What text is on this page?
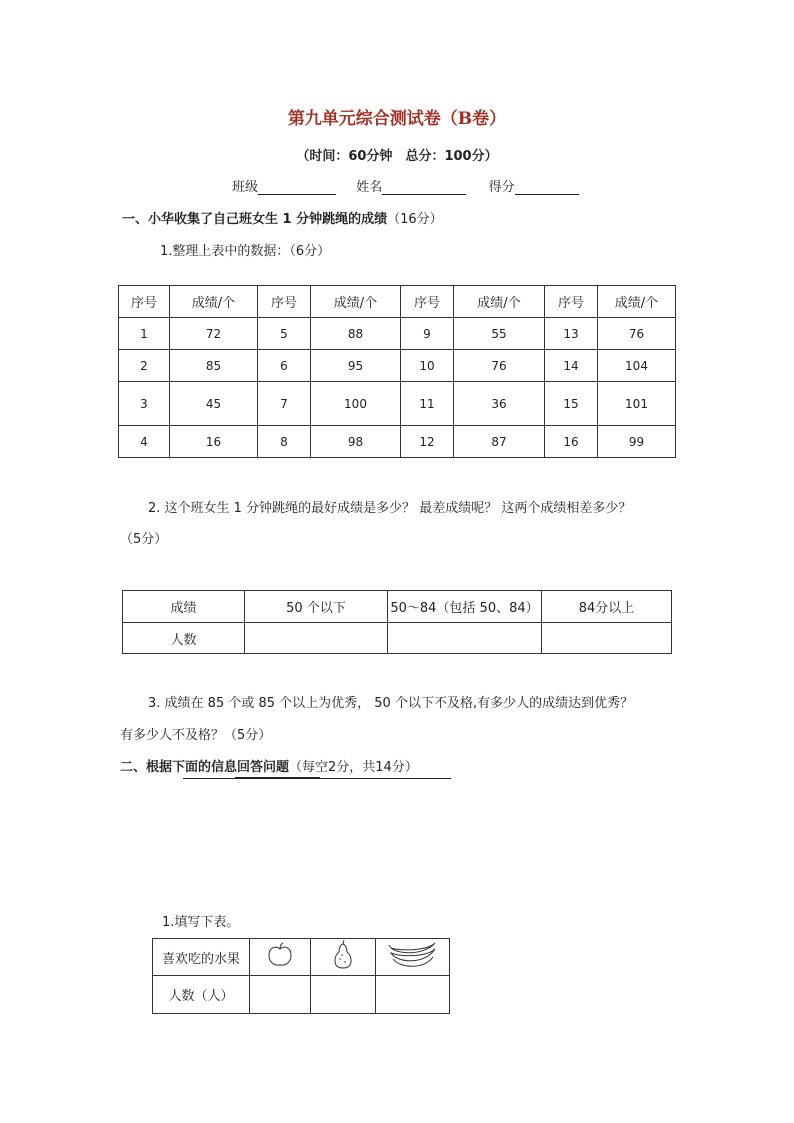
第九单元综合测试卷（B卷）
（时间：60分钟　总分：100分）
班级	姓名	得分
一、小华收集了自己班女生 1 分钟跳绳的成绩（16分）
1.整理上表中的数据：（6分）
序号	成绩/个	序号	成绩/个	序号	成绩/个	序号	成绩/个
1	72	5	88	9	55	13	76
2	85	6	95	10	76	14	104
3	45	7	100	11	36	15	101
4	16	8	98	12	87	16	99
2. 这个班女生 1 分钟跳绳的最好成绩是多少？ 最差成绩呢？ 这两个成绩相差多少？
（5分）
成绩	50 个以下	50～84（包括 50、84）	84分以上
人数			
3. 成绩在 85 个或 85 个以上为优秀， 50 个以下不及格,有多少人的成绩达到优秀？
有多少人不及格？（5分）
二、根据下面的信息回答问题（每空2分，共14分）
1.填写下表。
喜欢吃的水果			
人数（人）			
